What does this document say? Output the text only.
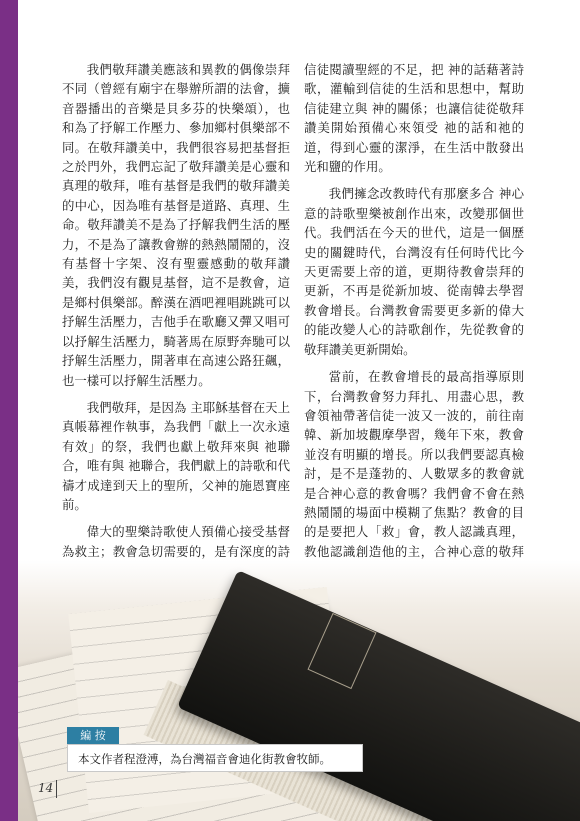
我們敬拜讚美應該和異教的偶像崇拜不同（曾經有廟宇在舉辦所謂的法會，擴音器播出的音樂是貝多芬的快樂頌），也和為了抒解工作壓力、參加鄉村俱樂部不同。在敬拜讚美中，我們很容易把基督拒之於門外，我們忘記了敬拜讚美是心靈和真理的敬拜，唯有基督是我們的敬拜讚美的中心，因為唯有基督是道路、真理、生命。敬拜讚美不是為了抒解我們生活的壓力，不是為了讓教會辦的熱熱鬧鬧的，沒有基督十字架、沒有聖靈感動的敬拜讚美，我們沒有觀見基督，這不是教會，這是鄉村俱樂部。醉漢在酒吧裡唱跳跳可以抒解生活壓力，吉他手在歌廳又彈又唱可以抒解生活壓力，騎著馬在原野奔馳可以抒解生活壓力，開著車在高速公路狂飆，也一樣可以抒解生活壓力。

我們敬拜，是因為 主耶穌基督在天上真帳幕裡作執事，為我們「獻上一次永遠有效」的祭，我們也獻上敬拜來與 祂聯合，唯有與 祂聯合，我們獻上的詩歌和代禱才成達到天上的聖所，父神的施恩寶座前。

偉大的聖樂詩歌使人預備心接受基督為救主；教會急切需要的，是有深度的詩

信徒閱讀聖經的不足，把 神的話藉著詩歌，灌輸到信徒的生活和思想中，幫助信徒建立與 神的關係；也讓信徒從敬拜讚美開始預備心來領受 祂的話和祂的道，得到心靈的潔淨，在生活中散發出光和鹽的作用。

我們擁念改教時代有那麼多合 神心意的詩歌聖樂被創作出來，改變那個世代。我們活在今天的世代，這是一個歷史的關鍵時代，台灣沒有任何時代比今天更需要上帝的道，更期待教會崇拜的更新，不再是從新加坡、從南韓去學習教會增長。台灣教會需要更多新的偉大的能改變人心的詩歌創作，先從教會的敬拜讚美更新開始。

當前，在教會增長的最高指導原則下，台灣教會努力拜扎、用盡心思，教會領袖帶著信徒一波又一波的，前往南韓、新加坡觀摩學習，幾年下來，教會並沒有明顯的增長。所以我們要認真檢討，是不是蓬勃的、人數眾多的教會就是合神心意的教會嗎？我們會不會在熱熱鬧鬧的場面中模糊了焦點？教會的目的是要把人「救」會，教人認識真理，教他認識創造他的主，合神心意的敬拜

編 按
本文作者程澄溥，為台灣福音會迪化街教會牧師。
14
